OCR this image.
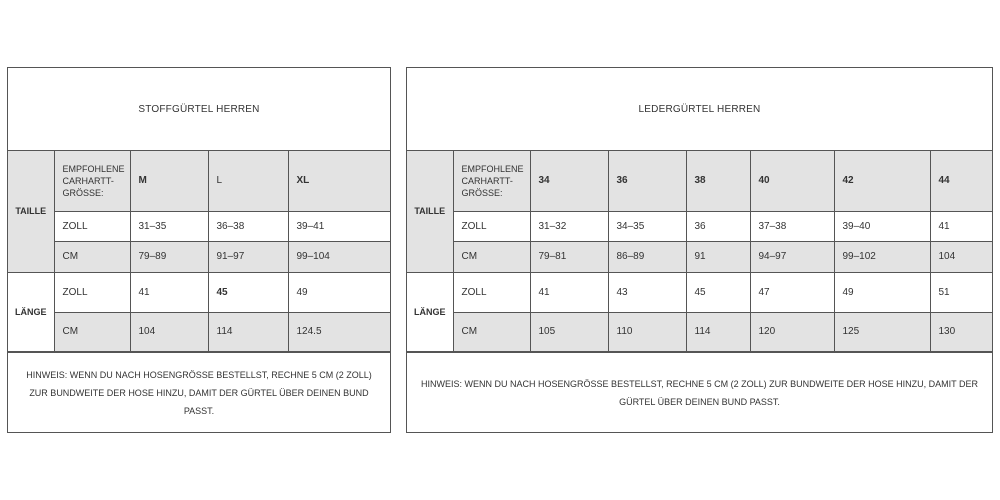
STOFFGÜRTEL HERREN
TAILLE	EMPFOHLENE CARHARTT-GRÖSSE:	M	L	XL
	ZOLL	31–35	36–38	39–41
	CM	79–89	91–97	99–104
LÄNGE	ZOLL	41	45	49
	CM	104	114	124.5
HINWEIS: WENN DU NACH HOSENGRÖSSE BESTELLST, RECHNE 5 CM (2 ZOLL) ZUR BUNDWEITE DER HOSE HINZU, DAMIT DER GÜRTEL ÜBER DEINEN BUND PASST.
LEDERGÜRTEL HERREN
TAILLE	EMPFOHLENE CARHARTT-GRÖSSE:	34	36	38	40	42	44
	ZOLL	31–32	34–35	36	37–38	39–40	41
	CM	79–81	86–89	91	94–97	99–102	104
LÄNGE	ZOLL	41	43	45	47	49	51
	CM	105	110	114	120	125	130
HINWEIS: WENN DU NACH HOSENGRÖSSE BESTELLST, RECHNE 5 CM (2 ZOLL) ZUR BUNDWEITE DER HOSE HINZU, DAMIT DER GÜRTEL ÜBER DEINEN BUND PASST.
